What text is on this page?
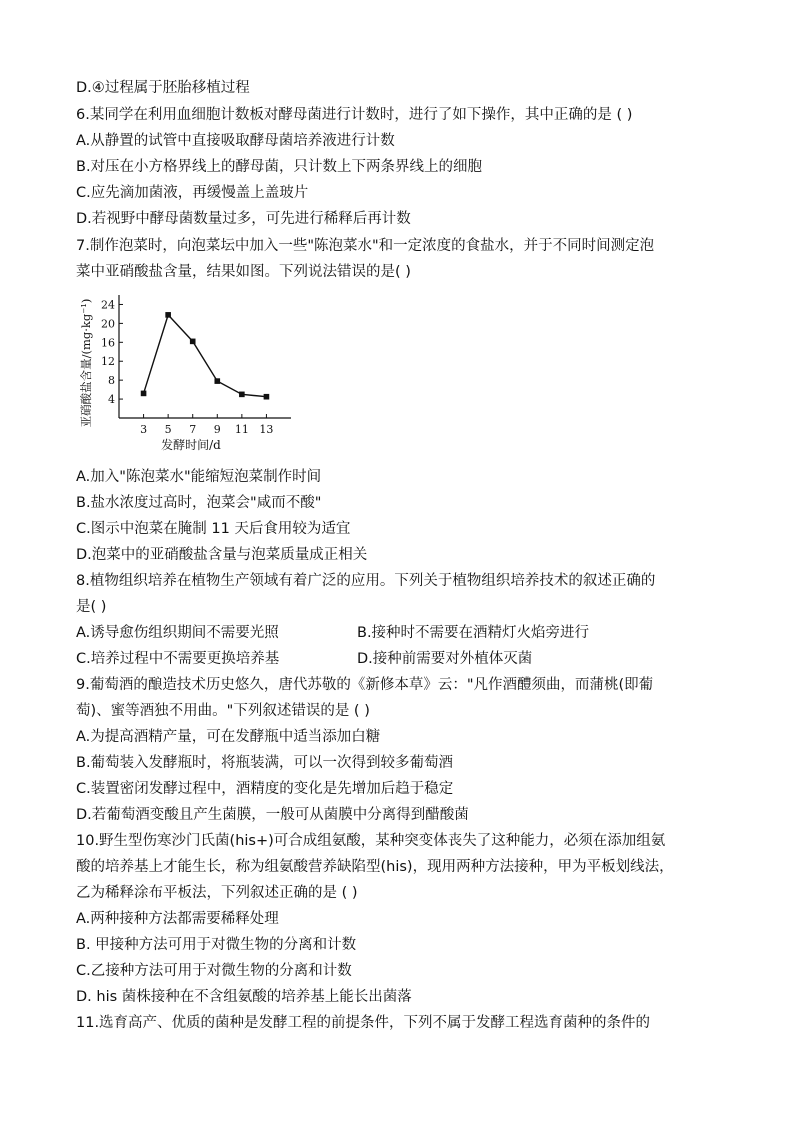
D.④过程属于胚胎移植过程
6.某同学在利用血细胞计数板对酵母菌进行计数时，进行了如下操作，其中正确的是 ( )
A.从静置的试管中直接吸取酵母菌培养液进行计数
B.对压在小方格界线上的酵母菌，只计数上下两条界线上的细胞
C.应先滴加菌液，再缓慢盖上盖玻片
D.若视野中酵母菌数量过多，可先进行稀释后再计数
7.制作泡菜时，向泡菜坛中加入一些"陈泡菜水"和一定浓度的食盐水，并于不同时间测定泡
菜中亚硝酸盐含量，结果如图。下列说法错误的是( )
4
8
12
16
20
24
3 5 7 9 11 13
亚硝酸盐含量/(mg·kg⁻¹)
发酵时间/d
A.加入"陈泡菜水"能缩短泡菜制作时间
B.盐水浓度过高时，泡菜会"咸而不酸"
C.图示中泡菜在腌制 11 天后食用较为适宜
D.泡菜中的亚硝酸盐含量与泡菜质量成正相关
8.植物组织培养在植物生产领域有着广泛的应用。下列关于植物组织培养技术的叙述正确的
是( )
A.诱导愈伤组织期间不需要光照	B.接种时不需要在酒精灯火焰旁进行
C.培养过程中不需要更换培养基	D.接种前需要对外植体灭菌
9.葡萄酒的酿造技术历史悠久，唐代苏敬的《新修本草》云："凡作酒醴须曲，而蒲桃(即葡
萄)、蜜等酒独不用曲。"下列叙述错误的是 ( )
A.为提高酒精产量，可在发酵瓶中适当添加白糖
B.葡萄装入发酵瓶时，将瓶装满，可以一次得到较多葡萄酒
C.装置密闭发酵过程中，酒精度的变化是先增加后趋于稳定
D.若葡萄酒变酸且产生菌膜，一般可从菌膜中分离得到醋酸菌
10.野生型伤寒沙门氏菌(his+)可合成组氨酸，某种突变体丧失了这种能力，必须在添加组氨
酸的培养基上才能生长，称为组氨酸营养缺陷型(his)，现用两种方法接种，甲为平板划线法，
乙为稀释涂布平板法，下列叙述正确的是 ( )
A.两种接种方法都需要稀释处理
B. 甲接种方法可用于对微生物的分离和计数
C.乙接种方法可用于对微生物的分离和计数
D. his 菌株接种在不含组氨酸的培养基上能长出菌落
11.选育高产、优质的菌种是发酵工程的前提条件，下列不属于发酵工程选育菌种的条件的
